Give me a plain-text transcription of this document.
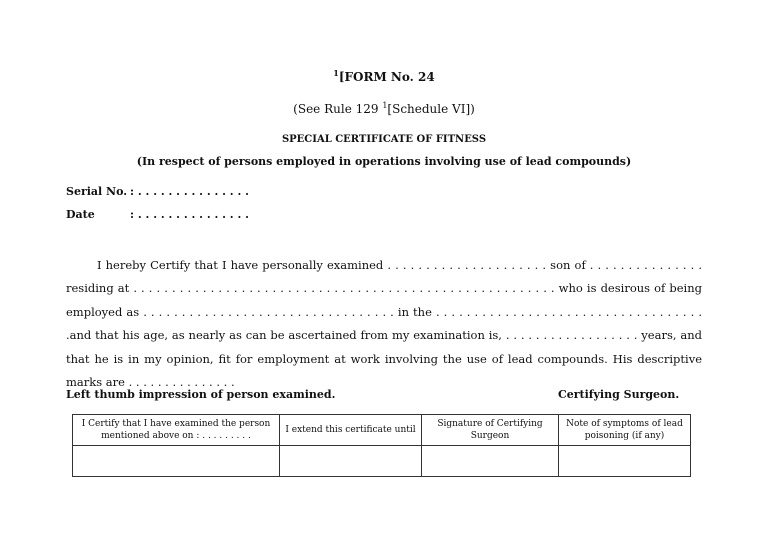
$^1$[FORM No. 24
(See Rule 129 $^1$[Schedule VI])
SPECIAL CERTIFICATE OF FITNESS
(In respect of persons employed in operations involving use of lead compounds)
Serial No. : . . . . . . . . . . . . . . .
Date	: . . . . . . . . . . . . . . .

I hereby Certify that I have personally examined . . . . . . . . . . . . . . . . . . . . . son of . . . . . . . . . . . . . . . residing at . . . . . . . . . . . . . . . . . . . . . . . . . . . . . . . . . . . . . . . . . . . . . . . . . . . . . . . who is desirous of being employed as . . . . . . . . . . . . . . . . . . . . . . . . . . . . . . . . . in the . . . . . . . . . . . . . . . . . . . . . . . . . . . . . . . . . . . .and that his age, as nearly as can be ascertained from my examination is, . . . . . . . . . . . . . . . . . . years, and that he is in my opinion, fit for employment at work involving the use of lead compounds. His descriptive marks are . . . . . . . . . . . . . . .

Left thumb impression of person examined.	Certifying Surgeon.
I Certify that I have examined the person mentioned above on : . . . . . . . . .	I extend this certificate until	Signature of Certifying Surgeon	Note of symptoms of lead poisoning (if any)
